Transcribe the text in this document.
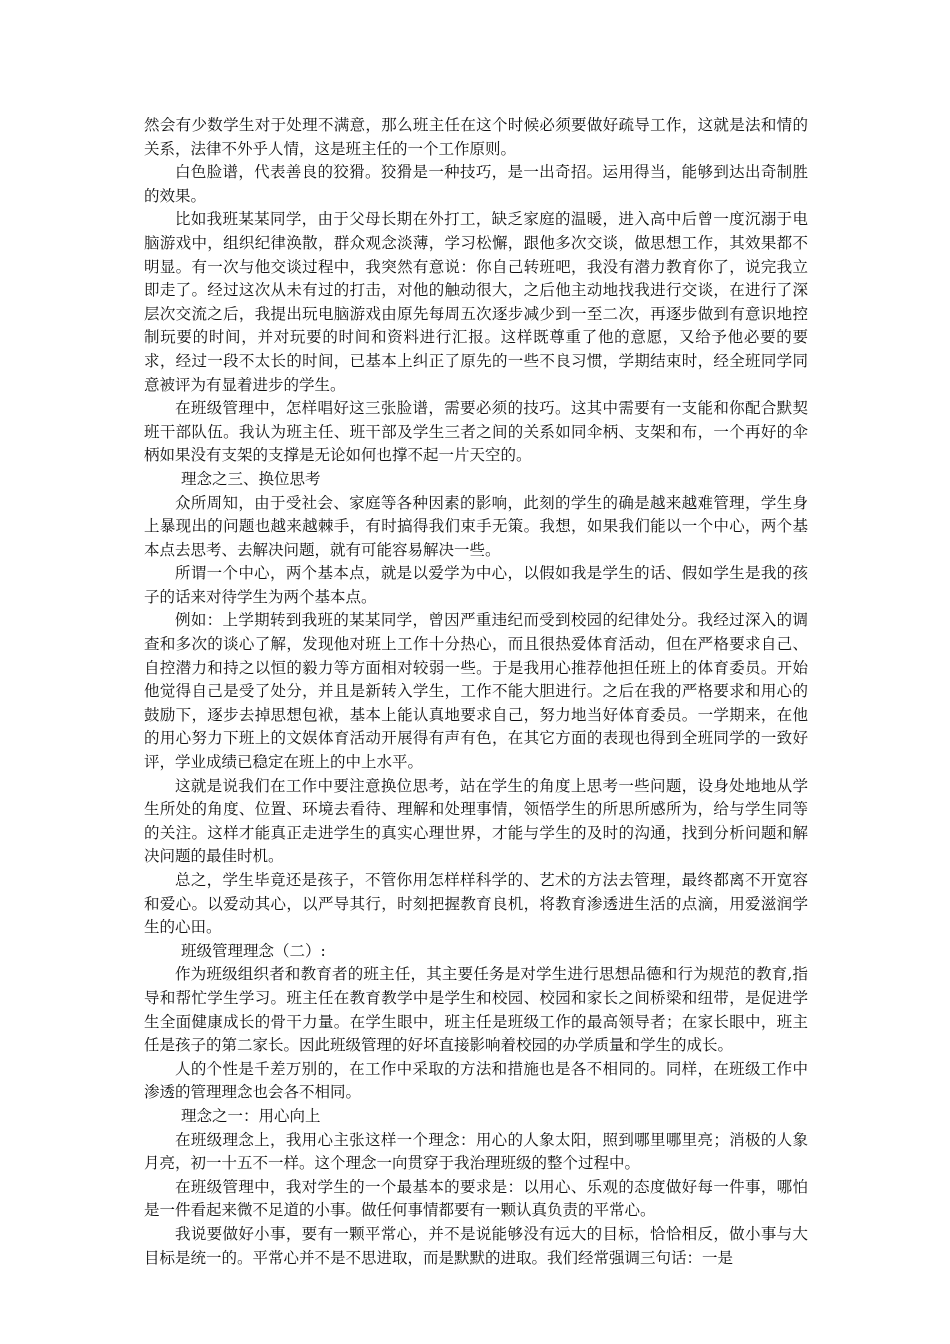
然会有少数学生对于处理不满意，那么班主任在这个时候必须要做好疏导工作，这就是法和情的关系，法律不外乎人情，这是班主任的一个工作原则。

白色脸谱，代表善良的狡猾。狡猾是一种技巧，是一出奇招。运用得当，能够到达出奇制胜的效果。

比如我班某某同学，由于父母长期在外打工，缺乏家庭的温暖，进入高中后曾一度沉溺于电脑游戏中，组织纪律涣散，群众观念淡薄，学习松懈，跟他多次交谈，做思想工作，其效果都不明显。有一次与他交谈过程中，我突然有意说：你自己转班吧，我没有潜力教育你了，说完我立即走了。经过这次从未有过的打击，对他的触动很大，之后他主动地找我进行交谈，在进行了深层次交流之后，我提出玩电脑游戏由原先每周五次逐步减少到一至二次，再逐步做到有意识地控制玩要的时间，并对玩要的时间和资料进行汇报。这样既尊重了他的意愿，又给予他必要的要求，经过一段不太长的时间，已基本上纠正了原先的一些不良习惯，学期结束时，经全班同学同意被评为有显着进步的学生。

在班级管理中，怎样唱好这三张脸谱，需要必须的技巧。这其中需要有一支能和你配合默契班干部队伍。我认为班主任、班干部及学生三者之间的关系如同伞柄、支架和布，一个再好的伞柄如果没有支架的支撑是无论如何也撑不起一片天空的。

理念之三、换位思考

众所周知，由于受社会、家庭等各种因素的影响，此刻的学生的确是越来越难管理，学生身上暴现出的问题也越来越棘手，有时搞得我们束手无策。我想，如果我们能以一个中心，两个基本点去思考、去解决问题，就有可能容易解决一些。

所谓一个中心，两个基本点，就是以爱学为中心，以假如我是学生的话、假如学生是我的孩子的话来对待学生为两个基本点。

例如：上学期转到我班的某某同学，曾因严重违纪而受到校园的纪律处分。我经过深入的调查和多次的谈心了解，发现他对班上工作十分热心，而且很热爱体育活动，但在严格要求自己、自控潜力和持之以恒的毅力等方面相对较弱一些。于是我用心推荐他担任班上的体育委员。开始他觉得自己是受了处分，并且是新转入学生，工作不能大胆进行。之后在我的严格要求和用心的鼓励下，逐步去掉思想包袱，基本上能认真地要求自己，努力地当好体育委员。一学期来，在他的用心努力下班上的文娱体育活动开展得有声有色，在其它方面的表现也得到全班同学的一致好评，学业成绩已稳定在班上的中上水平。

这就是说我们在工作中要注意换位思考，站在学生的角度上思考一些问题，设身处地地从学生所处的角度、位置、环境去看待、理解和处理事情，领悟学生的所思所感所为，给与学生同等的关注。这样才能真正走进学生的真实心理世界，才能与学生的及时的沟通，找到分析问题和解决问题的最佳时机。

总之，学生毕竟还是孩子，不管你用怎样样科学的、艺术的方法去管理，最终都离不开宽容和爱心。以爱动其心，以严导其行，时刻把握教育良机，将教育渗透进生活的点滴，用爱滋润学生的心田。

班级管理理念（二）:

作为班级组织者和教育者的班主任，其主要任务是对学生进行思想品德和行为规范的教育,指导和帮忙学生学习。班主任在教育教学中是学生和校园、校园和家长之间桥梁和纽带，是促进学生全面健康成长的骨干力量。在学生眼中，班主任是班级工作的最高领导者；在家长眼中，班主任是孩子的第二家长。因此班级管理的好坏直接影响着校园的办学质量和学生的成长。

人的个性是千差万别的，在工作中采取的方法和措施也是各不相同的。同样，在班级工作中渗透的管理理念也会各不相同。

理念之一：用心向上

在班级理念上，我用心主张这样一个理念：用心的人象太阳，照到哪里哪里亮；消极的人象月亮，初一十五不一样。这个理念一向贯穿于我治理班级的整个过程中。

在班级管理中，我对学生的一个最基本的要求是：以用心、乐观的态度做好每一件事，哪怕是一件看起来微不足道的小事。做任何事情都要有一颗认真负责的平常心。

我说要做好小事，要有一颗平常心，并不是说能够没有远大的目标，恰恰相反，做小事与大目标是统一的。平常心并不是不思进取，而是默默的进取。我们经常强调三句话：一是
